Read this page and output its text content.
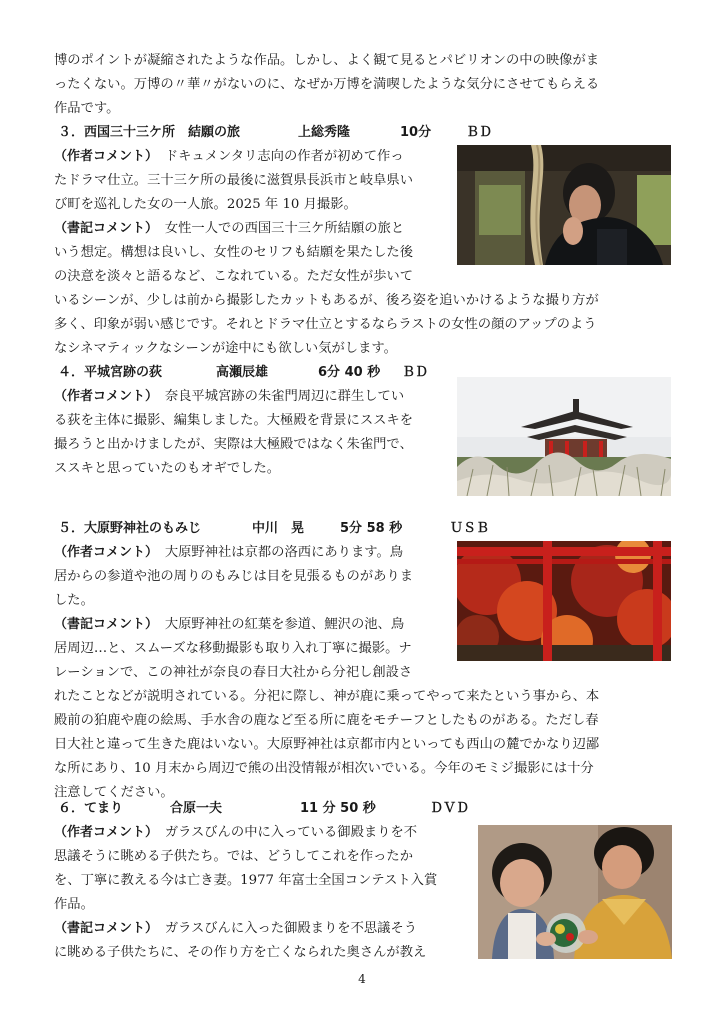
博のポイントが凝縮されたような作品。しかし、よく観て見るとパビリオンの中の映像がま
ったくない。万博の〃華〃がないのに、なぜか万博を満喫したような気分にさせてもらえる
作品です。
３．西国三十三ケ所　結願の旅	上総秀隆	10分	ＢＤ
（作者コメント）　 ドキュメンタリ志向の作者が初めて作っ
たドラマ仕立。三十三ケ所の最後に滋賀県長浜市と岐阜県い
び町を巡礼した女の一人旅。2025 年 10 月撮影。
（書記コメント）　 女性一人での西国三十三ケ所結願の旅と
いう想定。構想は良いし、女性のセリフも結願を果たした後
の決意を淡々と語るなど、こなれている。ただ女性が歩いて
いるシーンが、少しは前から撮影したカットもあるが、後ろ姿を追いかけるような撮り方が
多く、印象が弱い感じです。それとドラマ仕立とするならラストの女性の顔のアップのよう
なシネマティックなシーンが途中にも欲しい気がします。
４．平城宮跡の荻	高瀬辰雄	6分 40 秒 ＢＤ
（作者コメント）　 奈良平城宮跡の朱雀門周辺に群生してい
る荻を主体に撮影、編集しました。大極殿を背景にススキを
撮ろうと出かけましたが、実際は大極殿ではなく朱雀門で、
ススキと思っていたのもオギでした。
５．大原野神社のもみじ	中川　晃	5分 58 秒	ＵＳＢ
（作者コメント）　 大原野神社は京都の洛西にあります。鳥
居からの参道や池の周りのもみじは目を見張るものがありま
した。
（書記コメント）　 大原野神社の紅葉を参道、鯉沢の池、鳥
居周辺…と、スムーズな移動撮影も取り入れ丁寧に撮影。ナ
レーションで、この神社が奈良の春日大社から分祀し創設さ
れたことなどが説明されている。分祀に際し、神が鹿に乗ってやって来たという事から、本
殿前の狛鹿や鹿の絵馬、手水舎の鹿など至る所に鹿をモチーフとしたものがある。ただし春
日大社と違って生きた鹿はいない。大原野神社は京都市内といっても西山の麓でかなり辺鄙
な所にあり、10 月末から周辺で熊の出没情報が相次いでいる。今年のモミジ撮影には十分
注意してください。
６．てまり	合原一夫	11 分 50 秒	ＤＶＤ
（作者コメント）　 ガラスびんの中に入っている御殿まりを不
思議そうに眺める子供たち。では、どうしてこれを作ったか
を、丁寧に教える今は亡き妻。1977 年富士全国コンテスト入賞
作品。
（書記コメント）　 ガラスびんに入った御殿まりを不思議そう
に眺める子供たちに、その作り方を亡くなられた奥さんが教え
4
